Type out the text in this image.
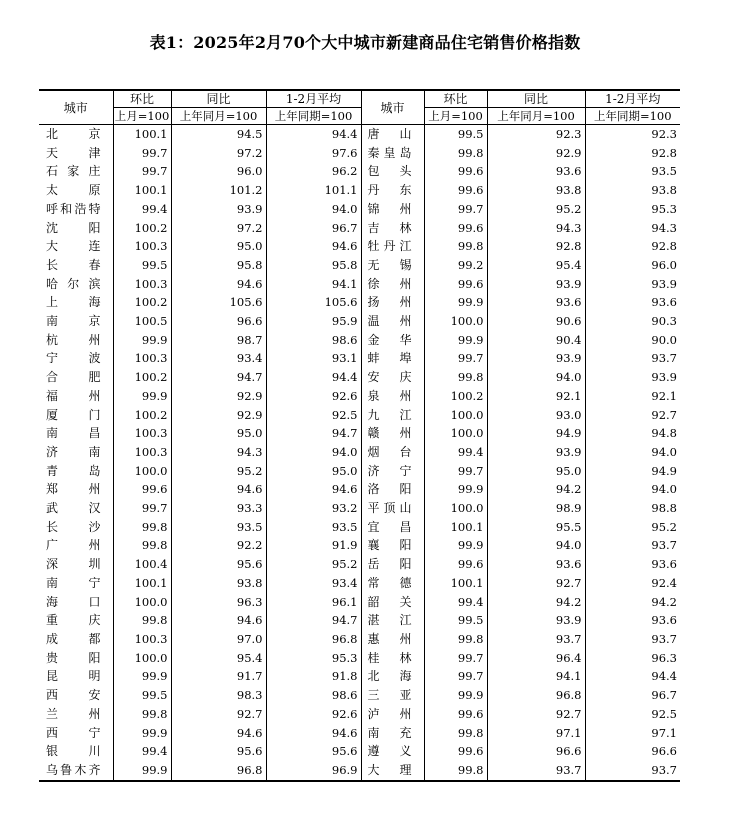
表1：2025年2月70个大中城市新建商品住宅销售价格指数
城市	环比	同比	1-2月平均	城市	环比	同比	1-2月平均
	上月=100	上年同月=100	上年同期=100		上月=100	上年同月=100	上年同期=100
北　京	100.1	94.5	94.4	唐　山	99.5	92.3	92.3
天　津	99.7	97.2	97.6	秦皇岛	99.8	92.9	92.8
石家庄	99.7	96.0	96.2	包　头	99.6	93.6	93.5
太　原	100.1	101.2	101.1	丹　东	99.6	93.8	93.8
呼和浩特	99.4	93.9	94.0	锦　州	99.7	95.2	95.3
沈　阳	100.2	97.2	96.7	吉　林	99.6	94.3	94.3
大　连	100.3	95.0	94.6	牡丹江	99.8	92.8	92.8
长　春	99.5	95.8	95.8	无　锡	99.2	95.4	96.0
哈尔滨	100.3	94.6	94.1	徐　州	99.6	93.9	93.9
上　海	100.2	105.6	105.6	扬　州	99.9	93.6	93.6
南　京	100.5	96.6	95.9	温　州	100.0	90.6	90.3
杭　州	99.9	98.7	98.6	金　华	99.9	90.4	90.0
宁　波	100.3	93.4	93.1	蚌　埠	99.7	93.9	93.7
合　肥	100.2	94.7	94.4	安　庆	99.8	94.0	93.9
福　州	99.9	92.9	92.6	泉　州	100.2	92.1	92.1
厦　门	100.2	92.9	92.5	九　江	100.0	93.0	92.7
南　昌	100.3	95.0	94.7	赣　州	100.0	94.9	94.8
济　南	100.3	94.3	94.0	烟　台	99.4	93.9	94.0
青　岛	100.0	95.2	95.0	济　宁	99.7	95.0	94.9
郑　州	99.6	94.6	94.6	洛　阳	99.9	94.2	94.0
武　汉	99.7	93.3	93.2	平顶山	100.0	98.9	98.8
长　沙	99.8	93.5	93.5	宜　昌	100.1	95.5	95.2
广　州	99.8	92.2	91.9	襄　阳	99.9	94.0	93.7
深　圳	100.4	95.6	95.2	岳　阳	99.6	93.6	93.6
南　宁	100.1	93.8	93.4	常　德	100.1	92.7	92.4
海　口	100.0	96.3	96.1	韶　关	99.4	94.2	94.2
重　庆	99.8	94.6	94.7	湛　江	99.5	93.9	93.6
成　都	100.3	97.0	96.8	惠　州	99.8	93.7	93.7
贵　阳	100.0	95.4	95.3	桂　林	99.7	96.4	96.3
昆　明	99.9	91.7	91.8	北　海	99.7	94.1	94.4
西　安	99.5	98.3	98.6	三　亚	99.9	96.8	96.7
兰　州	99.8	92.7	92.6	泸　州	99.6	92.7	92.5
西　宁	99.9	94.6	94.6	南　充	99.8	97.1	97.1
银　川	99.4	95.6	95.6	遵　义	99.6	96.6	96.6
乌鲁木齐	99.9	96.8	96.9	大　理	99.8	93.7	93.7
